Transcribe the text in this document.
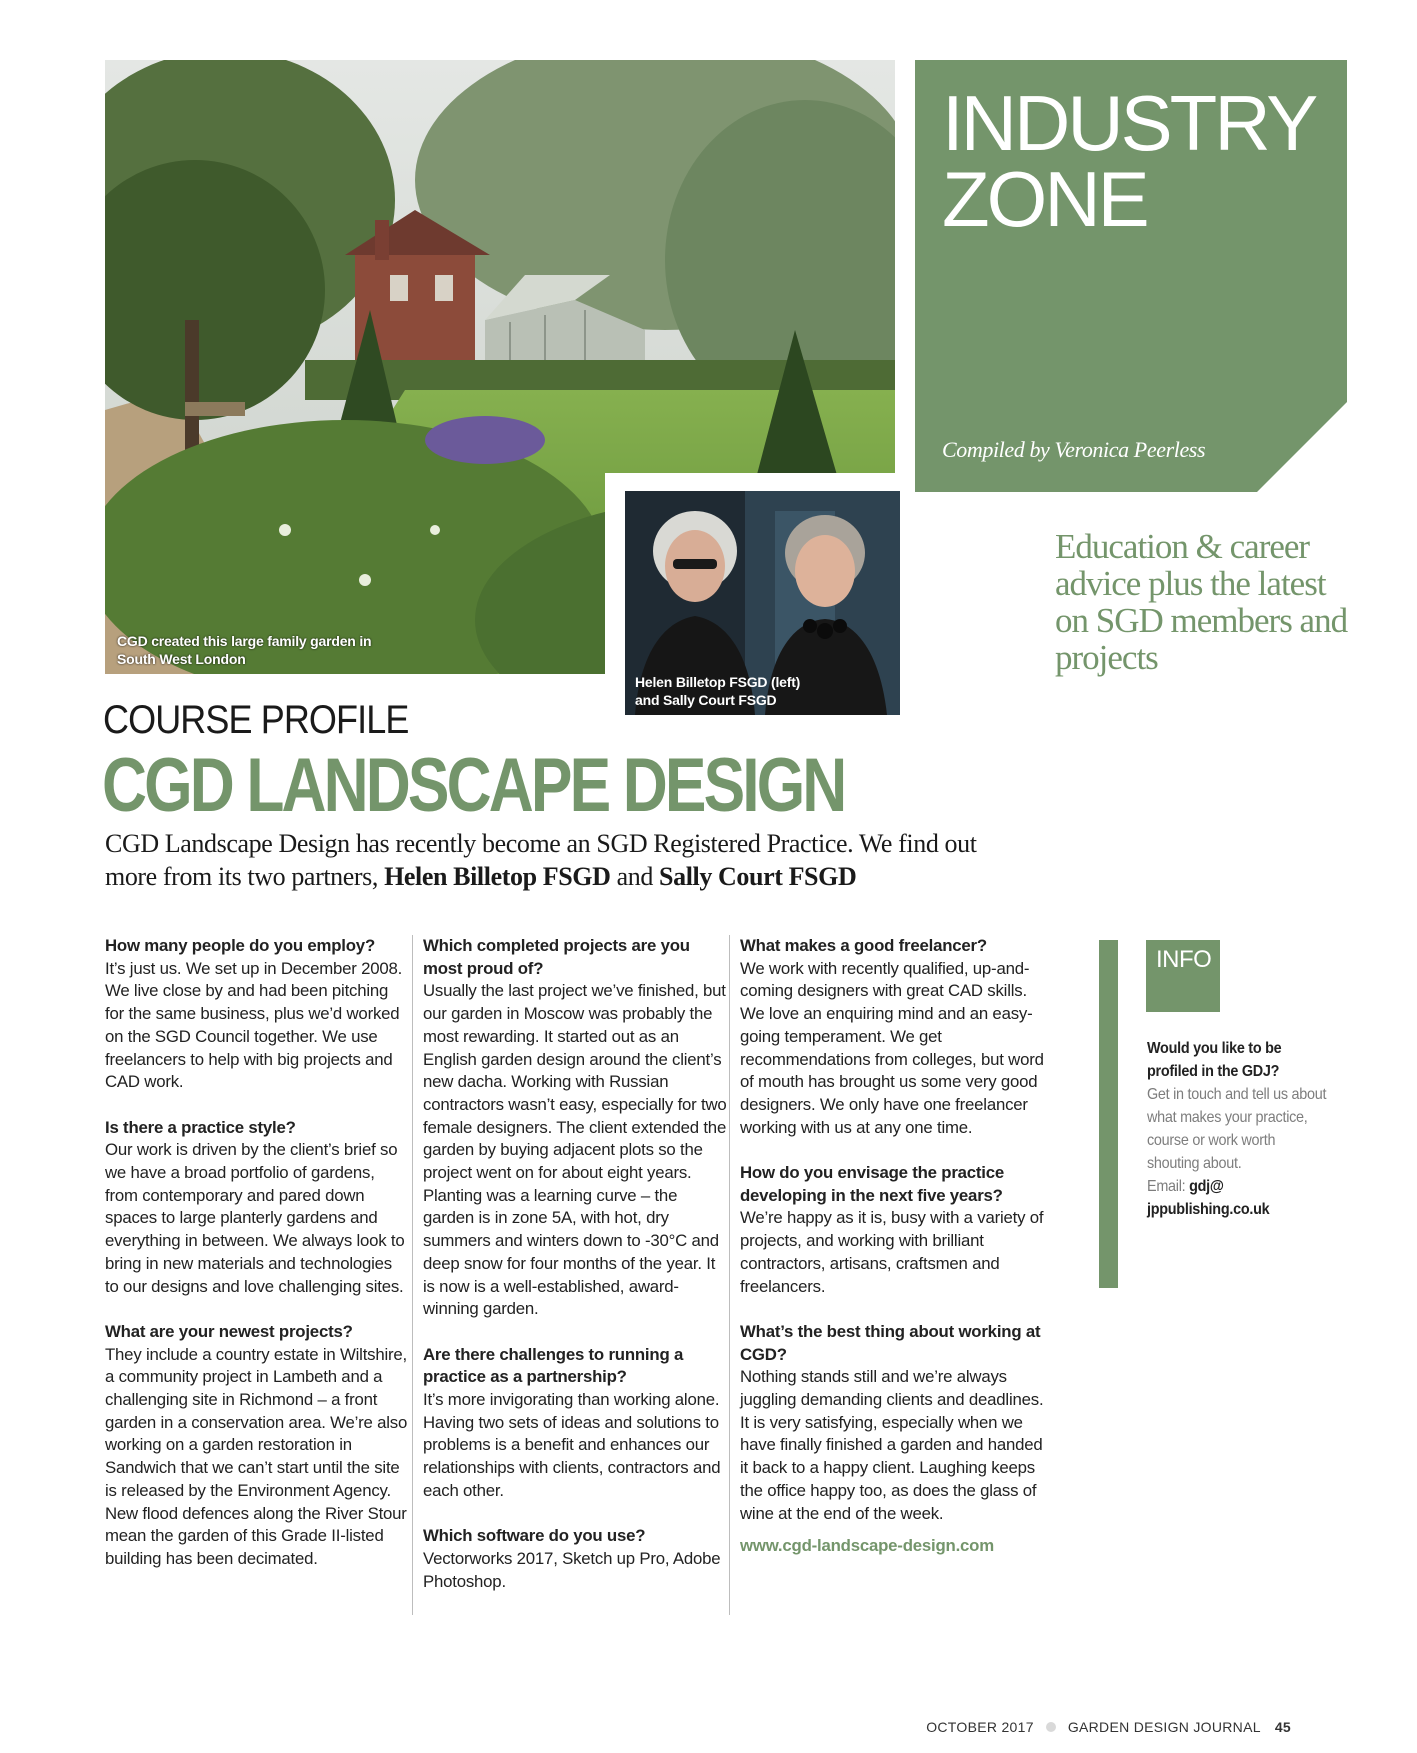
CGD created this large family garden in South West London
Helen Billetop FSGD (left)
and Sally Court FSGD
INDUSTRY
ZONE
Compiled by Veronica Peerless
Education & career advice plus the latest on SGD members and projects
COURSE PROFILE
CGD LANDSCAPE DESIGN
CGD Landscape Design has recently become an SGD Registered Practice. We find out more from its two partners, Helen Billetop FSGD and Sally Court FSGD
How many people do you employ?
It’s just us. We set up in December 2008. We live close by and had been pitching for the same business, plus we’d worked on the SGD Council together. We use freelancers to help with big projects and CAD work.
Is there a practice style?
Our work is driven by the client’s brief so we have a broad portfolio of gardens, from contemporary and pared down spaces to large planterly gardens and everything in between. We always look to bring in new materials and technologies to our designs and love challenging sites.
What are your newest projects?
They include a country estate in Wiltshire, a community project in Lambeth and a challenging site in Richmond – a front garden in a conservation area. We’re also working on a garden restoration in Sandwich that we can’t start until the site is released by the Environment Agency. New flood defences along the River Stour mean the garden of this Grade II-listed building has been decimated.
Which completed projects are you most proud of?
Usually the last project we’ve finished, but our garden in Moscow was probably the most rewarding. It started out as an English garden design around the client’s new dacha. Working with Russian contractors wasn’t easy, especially for two female designers. The client extended the garden by buying adjacent plots so the project went on for about eight years. Planting was a learning curve – the garden is in zone 5A, with hot, dry summers and winters down to -30°C and deep snow for four months of the year. It is now is a well-established, award-winning garden.
Are there challenges to running a practice as a partnership?
It’s more invigorating than working alone. Having two sets of ideas and solutions to problems is a benefit and enhances our relationships with clients, contractors and each other.
Which software do you use?
Vectorworks 2017, Sketch up Pro, Adobe Photoshop.
What makes a good freelancer?
We work with recently qualified, up-and-coming designers with great CAD skills. We love an enquiring mind and an easy-going temperament. We get recommendations from colleges, but word of mouth has brought us some very good designers. We only have one freelancer working with us at any one time.
How do you envisage the practice developing in the next five years?
We’re happy as it is, busy with a variety of projects, and working with brilliant contractors, artisans, craftsmen and freelancers.
What’s the best thing about working at CGD?
Nothing stands still and we’re always juggling demanding clients and deadlines. It is very satisfying, especially when we have finally finished a garden and handed it back to a happy client. Laughing keeps the office happy too, as does the glass of wine at the end of the week.
www.cgd-landscape-design.com
INFO
Would you like to be profiled in the GDJ?
Get in touch and tell us about what makes your practice, course or work worth shouting about.
Email: gdj@ jppublishing.co.uk
OCTOBER 2017 GARDEN DESIGN JOURNAL 45
